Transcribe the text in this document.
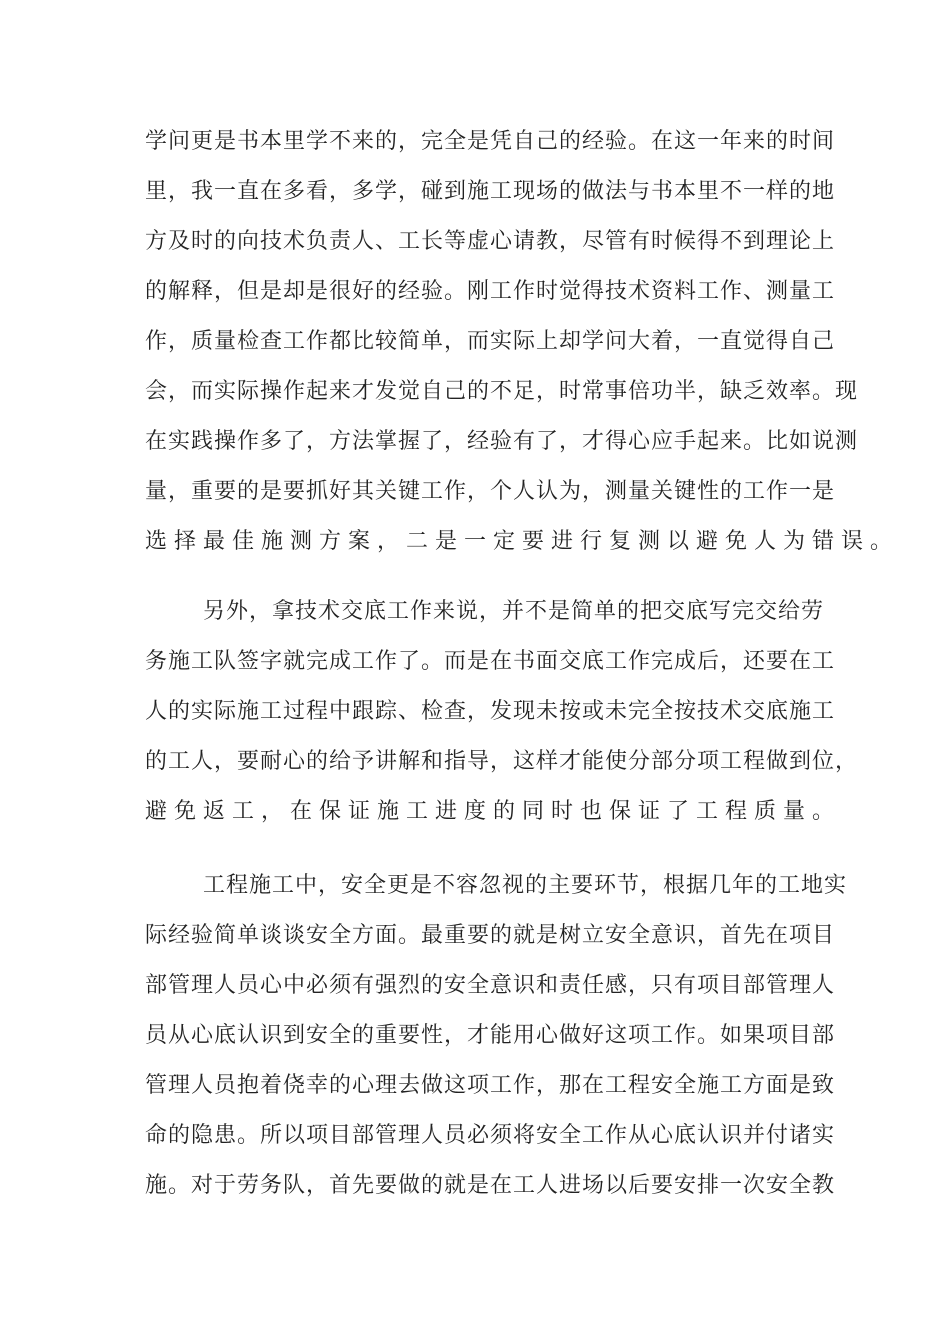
学问更是书本里学不来的，完全是凭自己的经验。在这一年来的时间
里，我一直在多看，多学，碰到施工现场的做法与书本里不一样的地
方及时的向技术负责人、工长等虚心请教，尽管有时候得不到理论上
的解释，但是却是很好的经验。刚工作时觉得技术资料工作、测量工
作，质量检查工作都比较简单，而实际上却学问大着，一直觉得自己
会，而实际操作起来才发觉自己的不足，时常事倍功半，缺乏效率。现
在实践操作多了，方法掌握了，经验有了，才得心应手起来。比如说测
量，重要的是要抓好其关键工作，个人认为，测量关键性的工作一是
选择最佳施测方案，二是一定要进行复测以避免人为错误。
另外，拿技术交底工作来说，并不是简单的把交底写完交给劳
务施工队签字就完成工作了。而是在书面交底工作完成后，还要在工
人的实际施工过程中跟踪、检查，发现未按或未完全按技术交底施工
的工人，要耐心的给予讲解和指导，这样才能使分部分项工程做到位，
避免返工，在保证施工进度的同时也保证了工程质量。
工程施工中，安全更是不容忽视的主要环节，根据几年的工地实
际经验简单谈谈安全方面。最重要的就是树立安全意识，首先在项目
部管理人员心中必须有强烈的安全意识和责任感，只有项目部管理人
员从心底认识到安全的重要性，才能用心做好这项工作。如果项目部
管理人员抱着侥幸的心理去做这项工作，那在工程安全施工方面是致
命的隐患。所以项目部管理人员必须将安全工作从心底认识并付诸实
施。对于劳务队，首先要做的就是在工人进场以后要安排一次安全教
